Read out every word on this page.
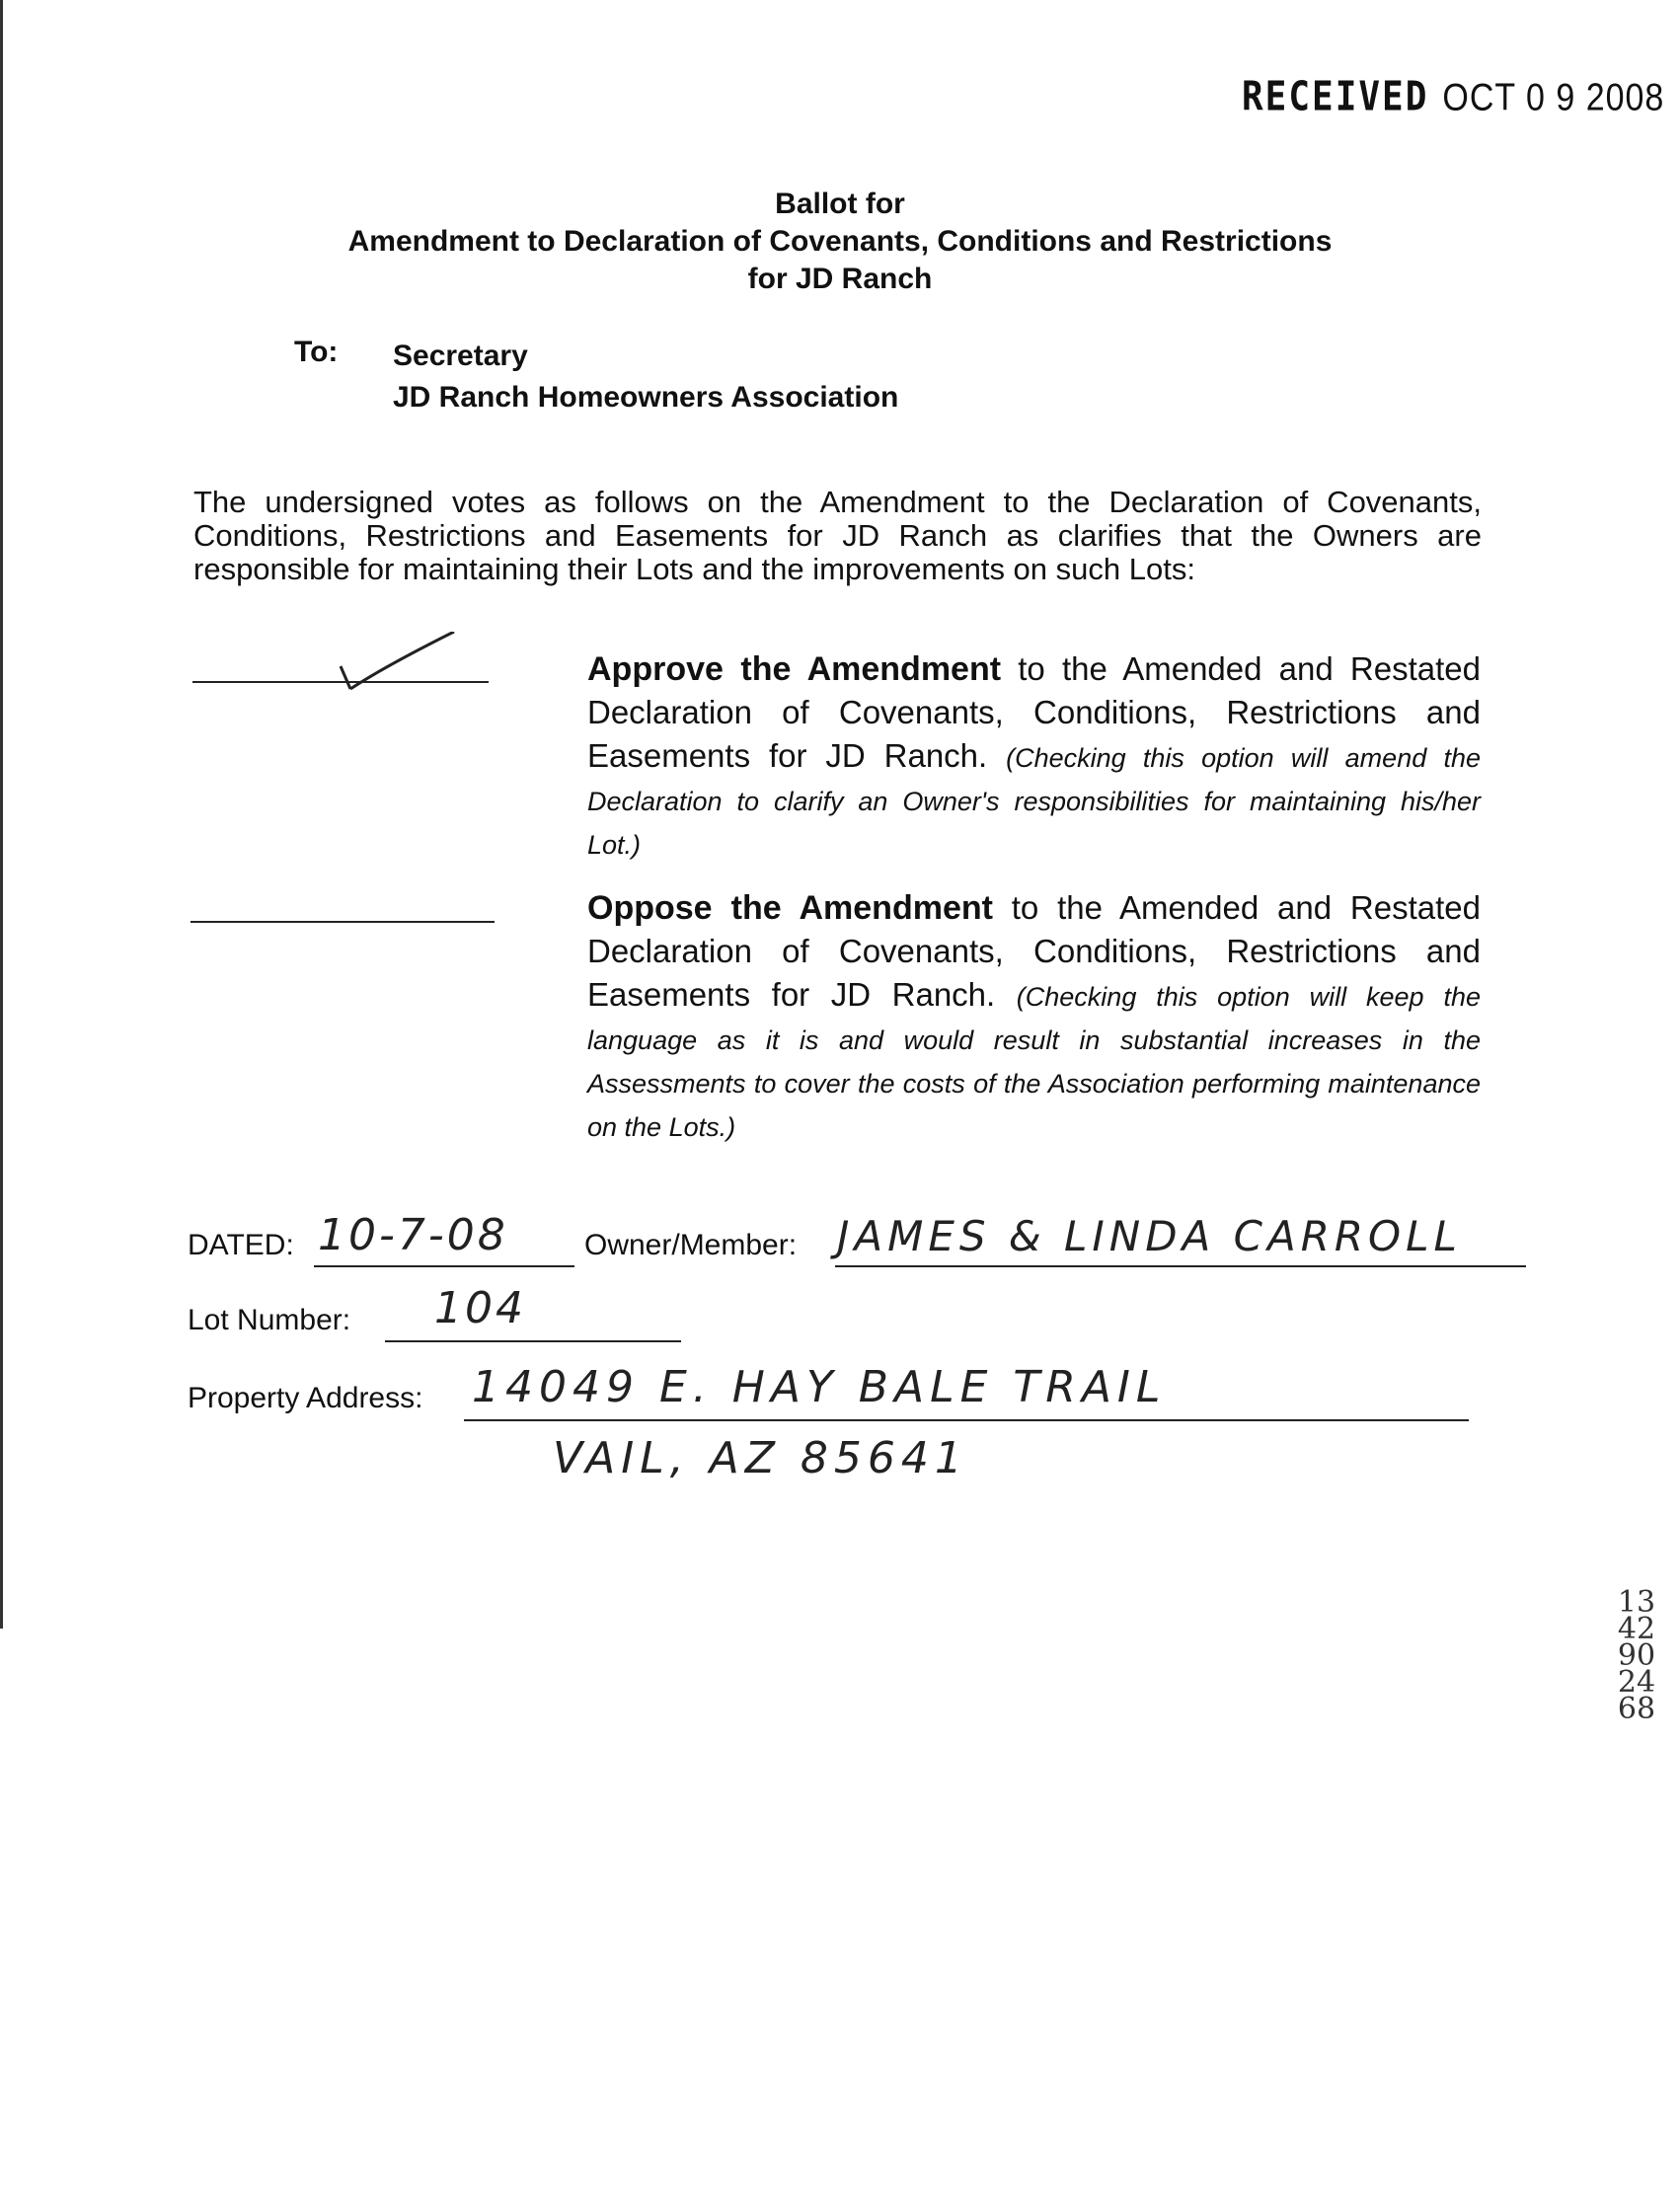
RECEIVED OCT 0 9 2008
Ballot for
Amendment to Declaration of Covenants, Conditions and Restrictions
for JD Ranch
To: Secretary
JD Ranch Homeowners Association
The undersigned votes as follows on the Amendment to the Declaration of Covenants, Conditions, Restrictions and Easements for JD Ranch as clarifies that the Owners are responsible for maintaining their Lots and the improvements on such Lots:
Approve the Amendment to the Amended and Restated Declaration of Covenants, Conditions, Restrictions and Easements for JD Ranch. (Checking this option will amend the Declaration to clarify an Owner's responsibilities for maintaining his/her Lot.)
Oppose the Amendment to the Amended and Restated Declaration of Covenants, Conditions, Restrictions and Easements for JD Ranch. (Checking this option will keep the language as it is and would result in substantial increases in the Assessments to cover the costs of the Association performing maintenance on the Lots.)
DATED: 10-7-08	Owner/Member: JAMES & LINDA CARROLL
Lot Number: 104
Property Address: 14049 E. HAY BALE TRAIL
VAIL, AZ 85641
1342902468
